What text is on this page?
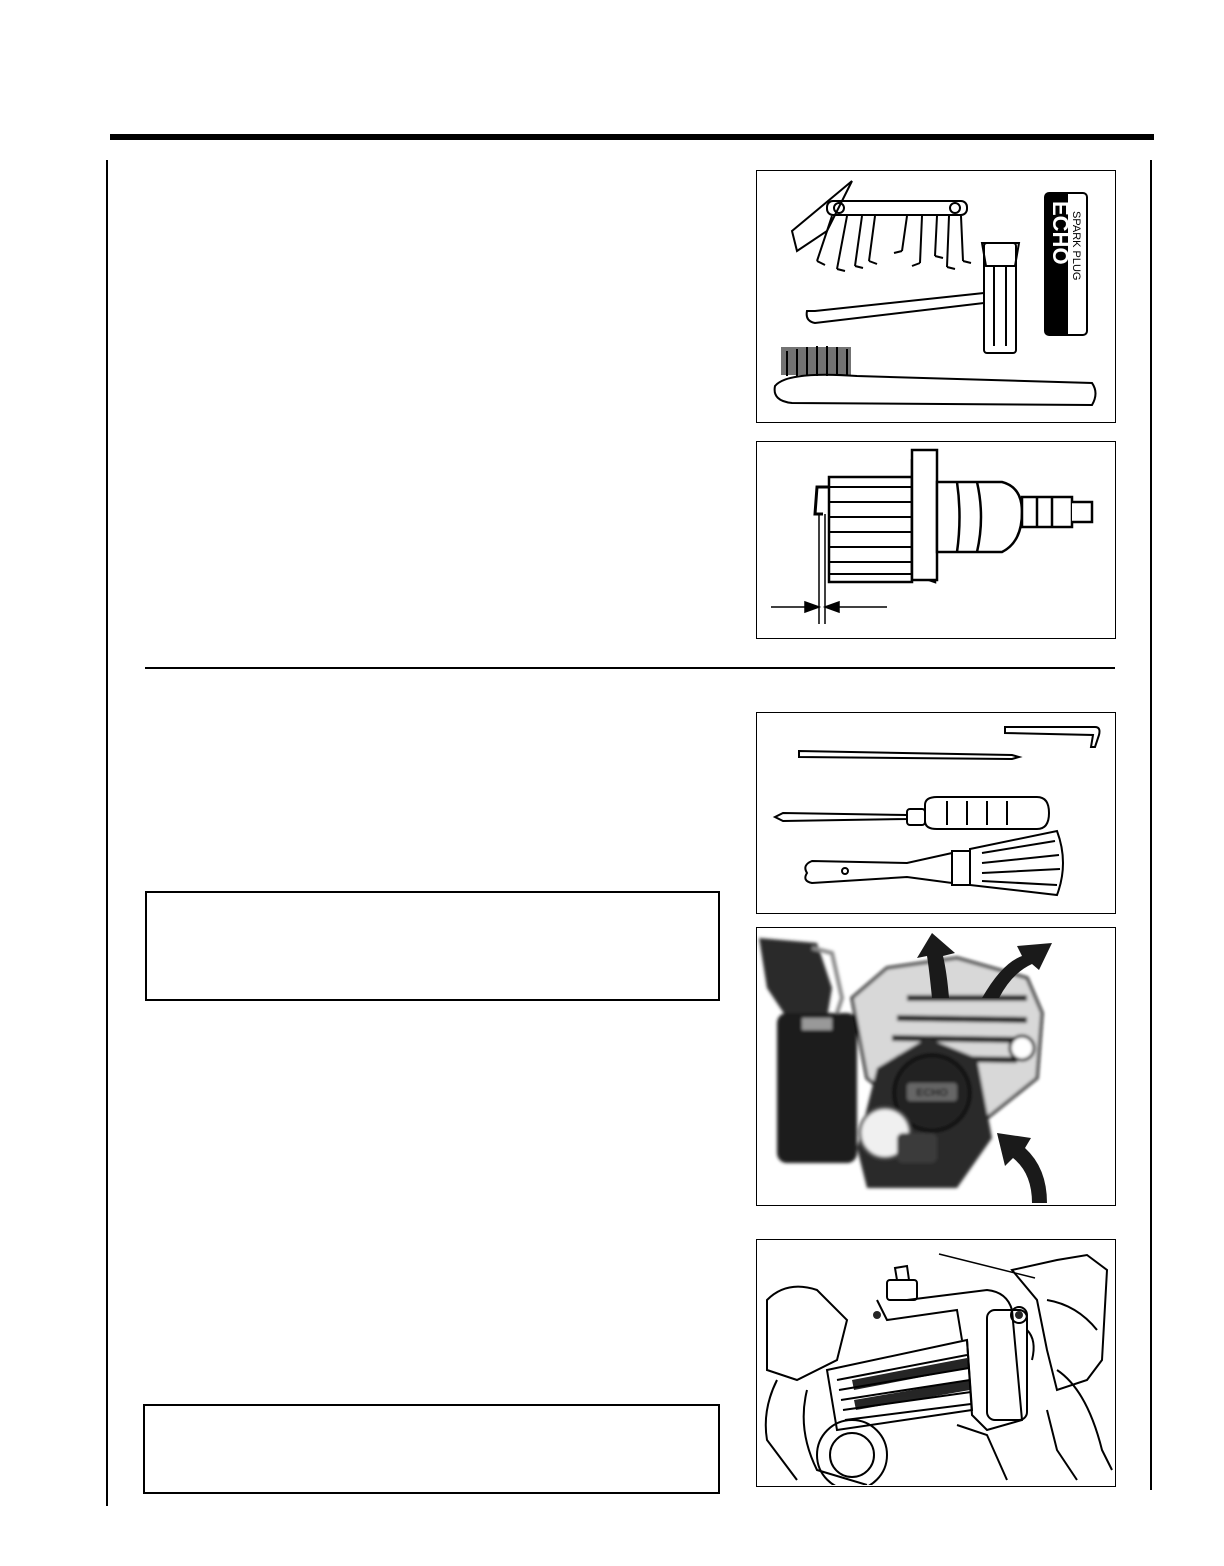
ECHO
SPARK PLUG
ECHO
